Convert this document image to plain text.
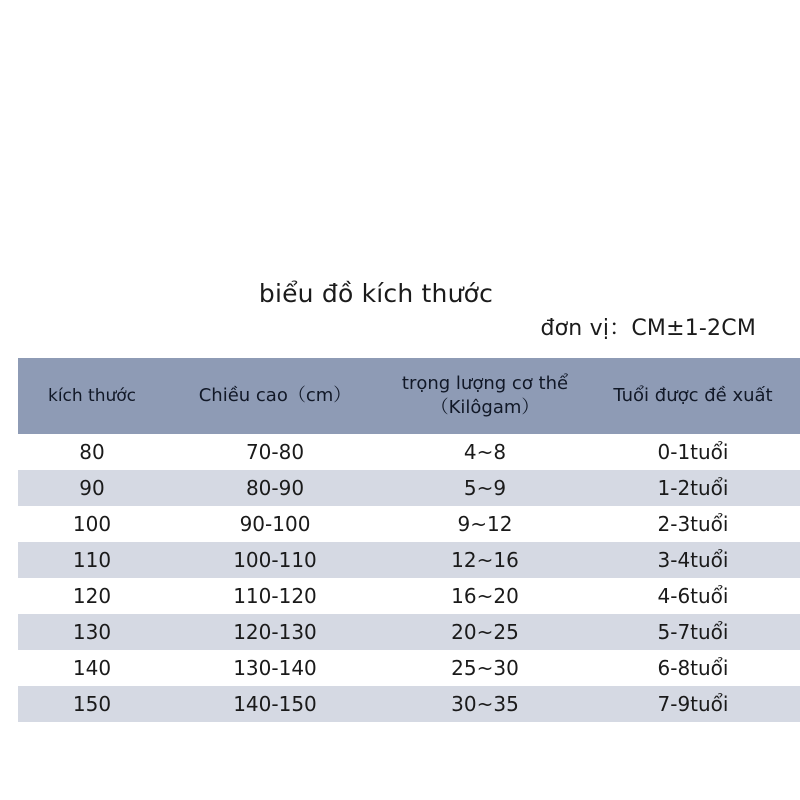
biểu đồ kích thước
đơn vị：CM±1-2CM
kích thước	Chiều cao（cm）	trọng lượng cơ thể（Kilôgam）	Tuổi được đề xuất
80	70-80	4~8	0-1tuổi
90	80-90	5~9	1-2tuổi
100	90-100	9~12	2-3tuổi
110	100-110	12~16	3-4tuổi
120	110-120	16~20	4-6tuổi
130	120-130	20~25	5-7tuổi
140	130-140	25~30	6-8tuổi
150	140-150	30~35	7-9tuổi
